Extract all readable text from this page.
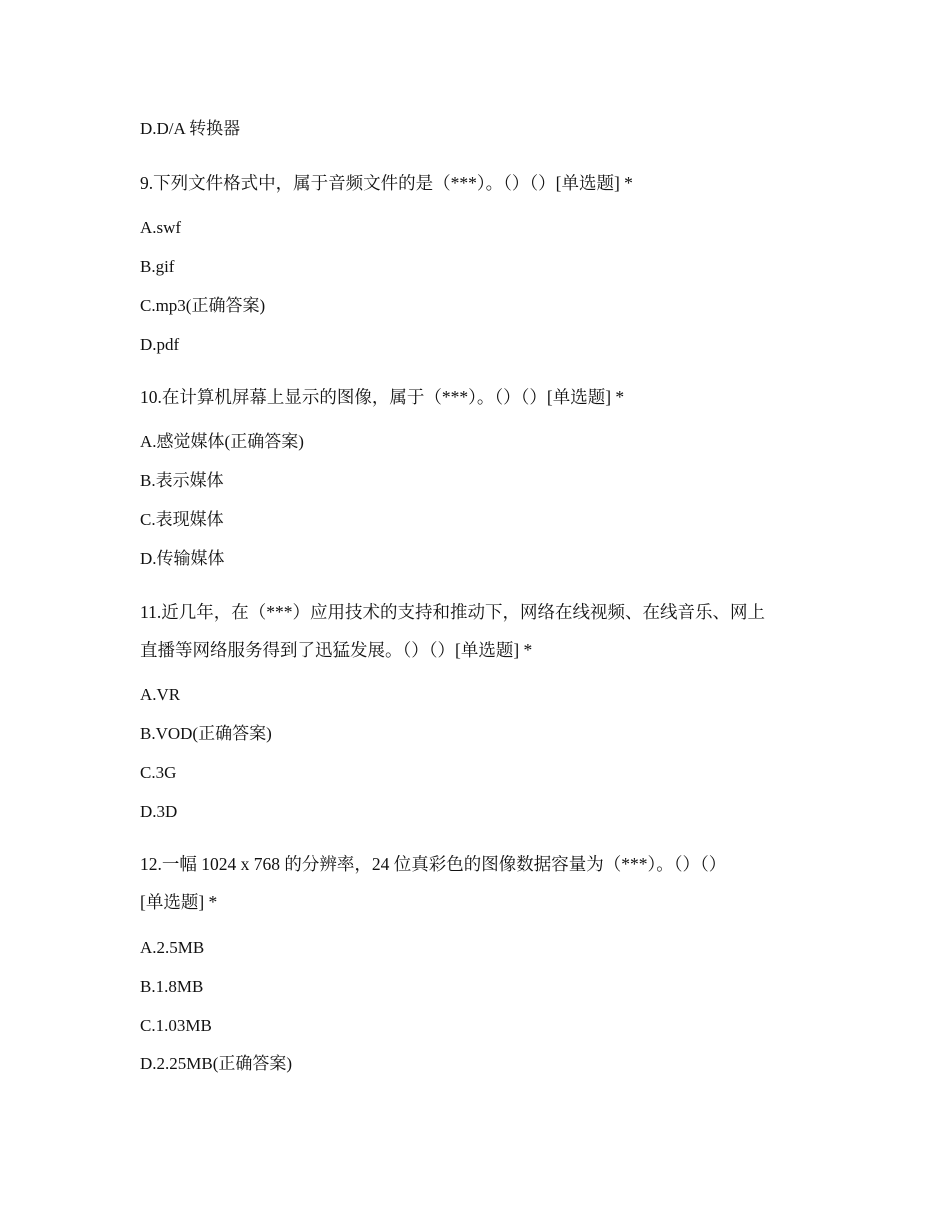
D.D/A 转换器
9.下列文件格式中，属于音频文件的是（***）。（）（）[单选题] *
A.swf
B.gif
C.mp3(正确答案)
D.pdf
10.在计算机屏幕上显示的图像，属于（***）。（）（）[单选题] *
A.感觉媒体(正确答案)
B.表示媒体
C.表现媒体
D.传输媒体
11.近几年，在（***）应用技术的支持和推动下，网络在线视频、在线音乐、网上
直播等网络服务得到了迅猛发展。（）（）[单选题] *
A.VR
B.VOD(正确答案)
C.3G
D.3D
12.一幅 1024 x 768 的分辨率，24 位真彩色的图像数据容量为（***）。（）（）
[单选题] *
A.2.5MB
B.1.8MB
C.1.03MB
D.2.25MB(正确答案)
